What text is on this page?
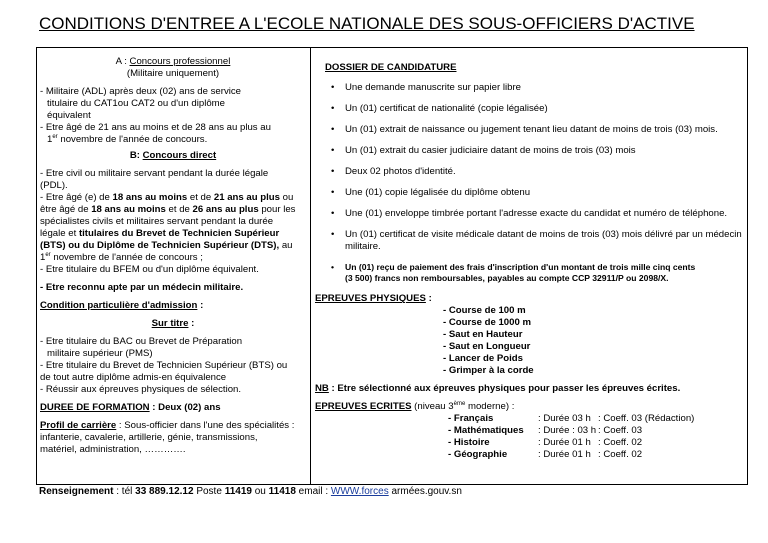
CONDITIONS D'ENTREE A L'ECOLE NATIONALE DES SOUS-OFFICIERS D'ACTIVE

A : Concours professionnel

(Militaire uniquement)

- Militaire (ADL) après deux (02) ans de service

titulaire du CAT1ou CAT2 ou d'un diplôme

équivalent

- Etre âgé de 21 ans au moins et de 28 ans au plus au

1er novembre de l'année de concours.

B: Concours direct

- Etre civil ou militaire servant pendant la durée légale

(PDL).

- Etre âgé (e) de 18 ans au moins et de 21 ans au plus ou

être âgé de 18 ans au moins et de 26 ans au plus pour les

spécialistes civils et militaires servant pendant la durée

légale et titulaires du Brevet de Technicien Supérieur

(BTS) ou du Diplôme de Technicien Supérieur (DTS), au

1er novembre de l'année de concours ;

- Etre titulaire du BFEM ou d'un diplôme équivalent.

- Etre reconnu apte par un médecin militaire.

Condition particulière d'admission :

Sur titre :

- Etre titulaire du BAC ou Brevet de Préparation

militaire supérieur (PMS)

- Etre titulaire du Brevet de Technicien Supérieur (BTS) ou

de tout autre diplôme admis-en équivalence

- Réussir aux épreuves physiques de sélection.

DUREE DE FORMATION : Deux (02) ans

Profil de carrière : Sous-officier dans l'une des spécialités :

infanterie, cavalerie, artillerie, génie, transmissions,

matériel, administration, ………….

DOSSIER DE CANDIDATURE

• Une demande manuscrite sur papier libre
• Un (01) certificat de nationalité (copie légalisée)
• Un (01) extrait de naissance ou jugement tenant lieu datant de moins de trois (03) mois.
• Un (01) extrait du casier judiciaire datant de moins de trois (03) mois
• Deux 02 photos d'identité.
• Une (01) copie légalisée du diplôme obtenu
• Une (01) enveloppe timbrée portant l'adresse exacte du candidat et numéro de téléphone.
• Un (01) certificat de visite médicale datant de moins de trois (03) mois délivré par un médecin militaire.
• Un (01) reçu de paiement des frais d'inscription d'un montant de trois mille cinq cents
(3 500) francs non remboursables, payables au compte CCP 32911/P ou 2098/X.

EPREUVES PHYSIQUES :

- Course de 100 m

- Course de 1000 m

- Saut en Hauteur

- Saut en Longueur

- Lancer de Poids

- Grimper à la corde

NB : Etre sélectionné aux épreuves physiques pour passer les épreuves écrites.

EPREUVES ECRITES (niveau 3ème moderne) :

- Français	: Durée 03 h : Coeff. 03 (Rédaction)
- Mathématiques	: Durée : 03 h : Coeff. 03
- Histoire	: Durée 01 h : Coeff. 02
- Géographie	: Durée 01 h : Coeff. 02
Renseignement : tél 33 889.12.12 Poste 11419 ou 11418 email : WWW.forces armées.gouv.sn
